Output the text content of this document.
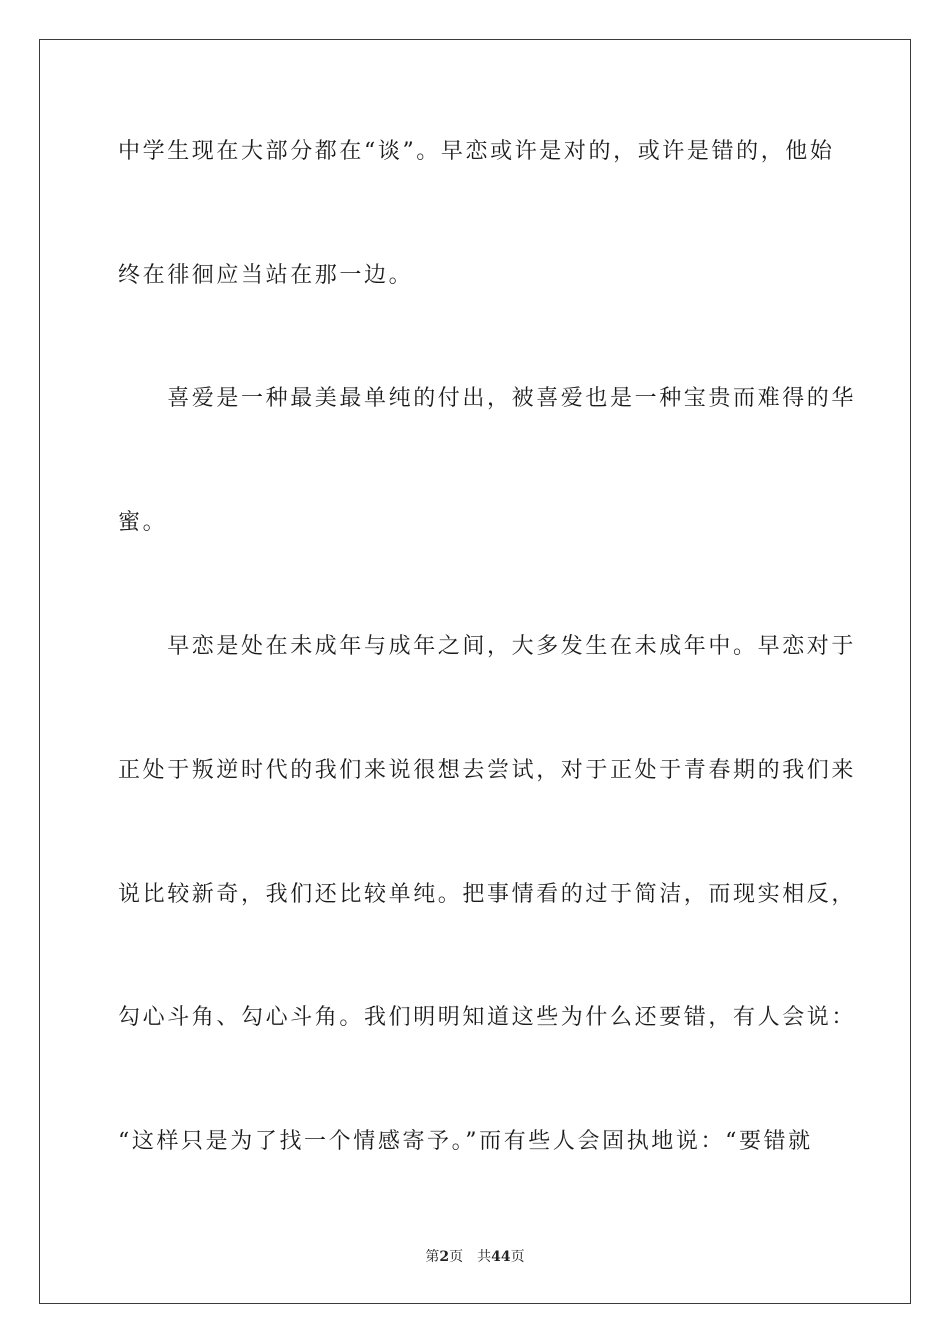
中学生现在大部分都在“谈”。早恋或许是对的，或许是错的，他始
终在徘徊应当站在那一边。
　　喜爱是一种最美最单纯的付出，被喜爱也是一种宝贵而难得的华
蜜。
　　早恋是处在未成年与成年之间，大多发生在未成年中。早恋对于
正处于叛逆时代的我们来说很想去尝试，对于正处于青春期的我们来
说比较新奇，我们还比较单纯。把事情看的过于简洁，而现实相反，
勾心斗角、勾心斗角。我们明明知道这些为什么还要错，有人会说：
“这样只是为了找一个情感寄予。”而有些人会固执地说：“要错就
第2页 共44页
